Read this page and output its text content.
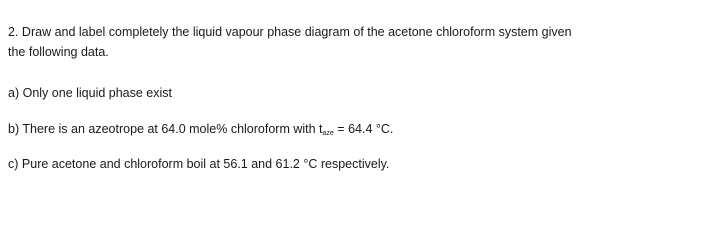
2. Draw and label completely the liquid vapour phase diagram of the acetone chloroform system given
the following data.
a) Only one liquid phase exist
b) There is an azeotrope at 64.0 mole% chloroform with $t_{aze} = 64.4$ °C.
c) Pure acetone and chloroform boil at 56.1 and 61.2 °C respectively.
